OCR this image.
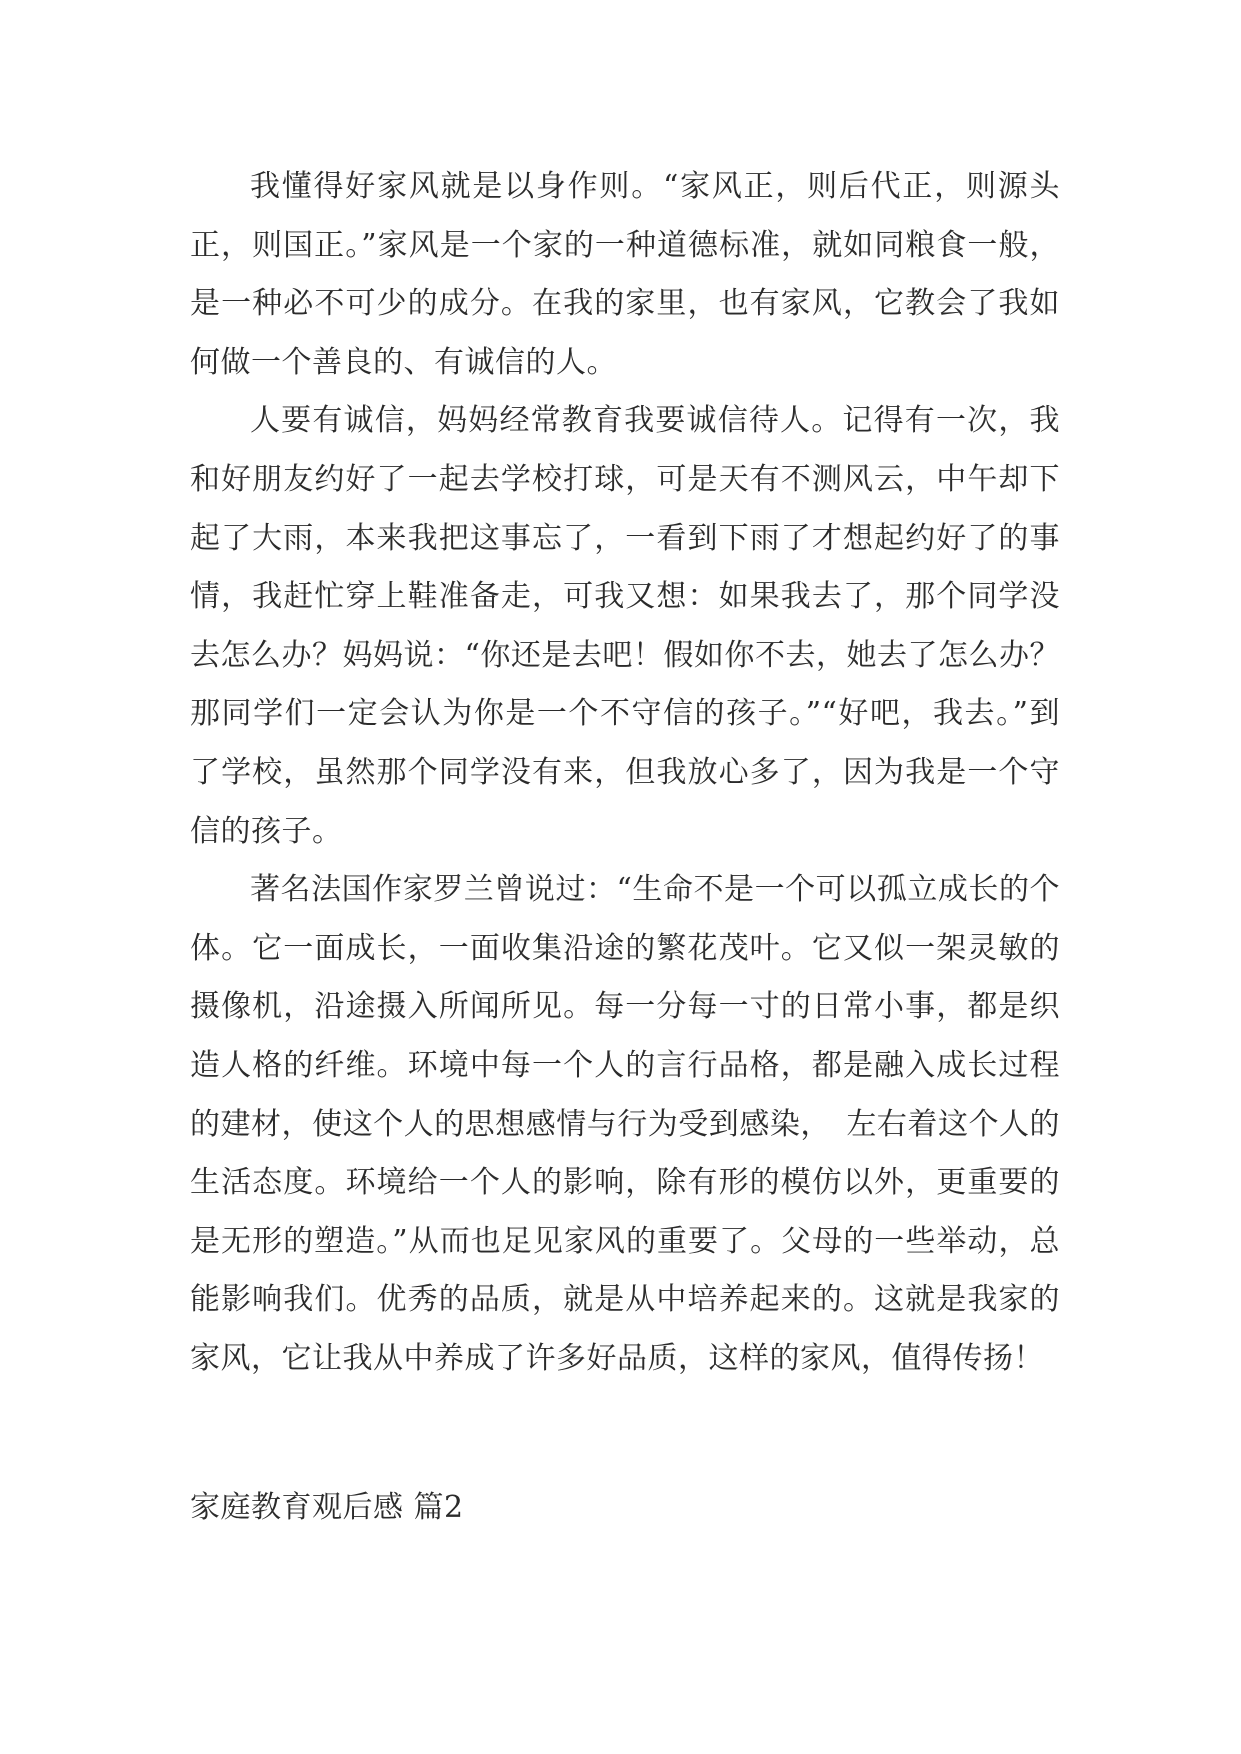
我懂得好家风就是以身作则。“家风正，则后代正，则源头正，则国正。”家风是一个家的一种道德标准，就如同粮食一般，是一种必不可少的成分。在我的家里，也有家风，它教会了我如何做一个善良的、有诚信的人。

人要有诚信，妈妈经常教育我要诚信待人。记得有一次，我和好朋友约好了一起去学校打球，可是天有不测风云，中午却下起了大雨，本来我把这事忘了，一看到下雨了才想起约好了的事情，我赶忙穿上鞋准备走，可我又想：如果我去了，那个同学没去怎么办？妈妈说：“你还是去吧！假如你不去，她去了怎么办？那同学们一定会认为你是一个不守信的孩子。”“好吧，我去。”到了学校，虽然那个同学没有来，但我放心多了，因为我是一个守信的孩子。

著名法国作家罗兰曾说过：“生命不是一个可以孤立成长的个体。它一面成长，一面收集沿途的繁花茂叶。它又似一架灵敏的摄像机，沿途摄入所闻所见。每一分每一寸的日常小事，都是织造人格的纤维。环境中每一个人的言行品格，都是融入成长过程的建材，使这个人的思想感情与行为受到感染，　左右着这个人的生活态度。环境给一个人的影响，除有形的模仿以外，更重要的是无形的塑造。”从而也足见家风的重要了。父母的一些举动，总能影响我们。优秀的品质，就是从中培养起来的。这就是我家的家风，它让我从中养成了许多好品质，这样的家风，值得传扬！

家庭教育观后感 篇2
